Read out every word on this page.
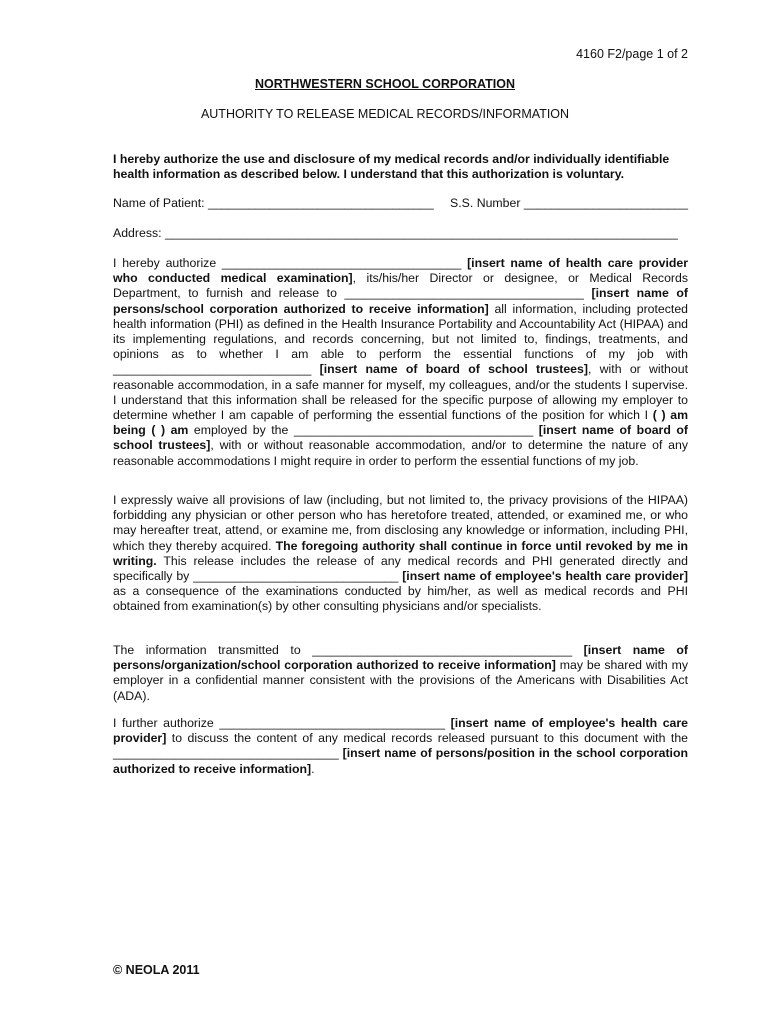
4160 F2/page 1 of 2
NORTHWESTERN SCHOOL CORPORATION
AUTHORITY TO RELEASE MEDICAL RECORDS/INFORMATION
I hereby authorize the use and disclosure of my medical records and/or individually identifiable health information as described below. I understand that this authorization is voluntary.
Name of Patient: _________________________________ S.S. Number ________________________
Address: ___________________________________________________________________________
I hereby authorize ___________________________________ [insert name of health care provider who conducted medical examination], its/his/her Director or designee, or Medical Records Department, to furnish and release to ___________________________________ [insert name of persons/school corporation authorized to receive information] all information, including protected health information (PHI) as defined in the Health Insurance Portability and Accountability Act (HIPAA) and its implementing regulations, and records concerning, but not limited to, findings, treatments, and opinions as to whether I am able to perform the essential functions of my job with _____________________________ [insert name of board of school trustees], with or without reasonable accommodation, in a safe manner for myself, my colleagues, and/or the students I supervise. I understand that this information shall be released for the specific purpose of allowing my employer to determine whether I am capable of performing the essential functions of the position for which I ( ) am being ( ) am employed by the ___________________________________ [insert name of board of school trustees], with or without reasonable accommodation, and/or to determine the nature of any reasonable accommodations I might require in order to perform the essential functions of my job.
I expressly waive all provisions of law (including, but not limited to, the privacy provisions of the HIPAA) forbidding any physician or other person who has heretofore treated, attended, or examined me, or who may hereafter treat, attend, or examine me, from disclosing any knowledge or information, including PHI, which they thereby acquired. The foregoing authority shall continue in force until revoked by me in writing. This release includes the release of any medical records and PHI generated directly and specifically by ______________________________ [insert name of employee's health care provider] as a consequence of the examinations conducted by him/her, as well as medical records and PHI obtained from examination(s) by other consulting physicians and/or specialists.
The information transmitted to ______________________________________ [insert name of persons/organization/school corporation authorized to receive information] may be shared with my employer in a confidential manner consistent with the provisions of the Americans with Disabilities Act (ADA).
I further authorize _________________________________ [insert name of employee's health care provider] to discuss the content of any medical records released pursuant to this document with the _________________________________ [insert name of persons/position in the school corporation authorized to receive information].
© NEOLA 2011
